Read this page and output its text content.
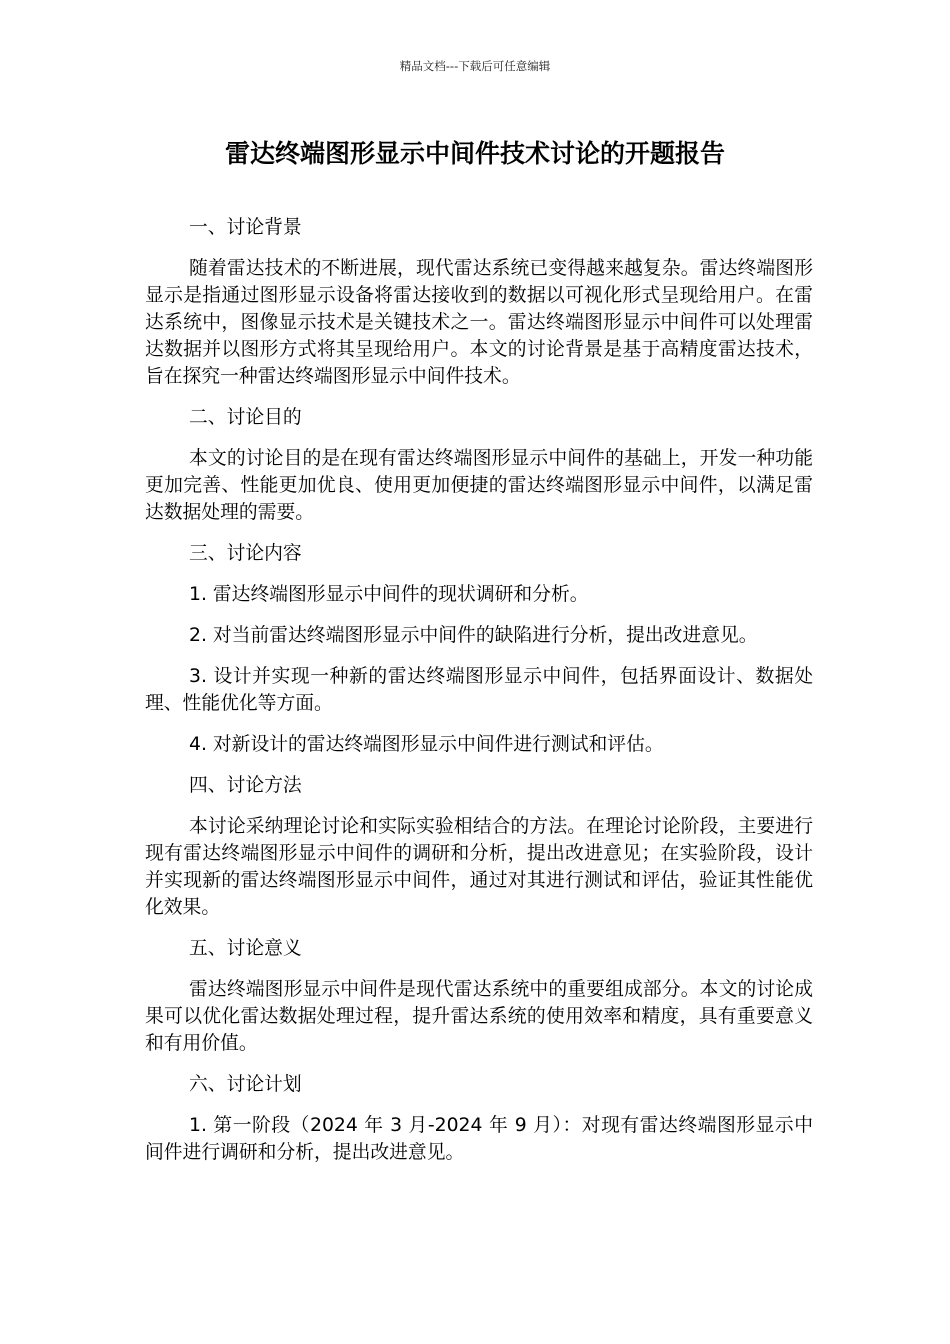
精品文档---下载后可任意编辑
雷达终端图形显示中间件技术讨论的开题报告

一、讨论背景

随着雷达技术的不断进展，现代雷达系统已变得越来越复杂。雷达终端图形显示是指通过图形显示设备将雷达接收到的数据以可视化形式呈现给用户。在雷达系统中，图像显示技术是关键技术之一。雷达终端图形显示中间件可以处理雷达数据并以图形方式将其呈现给用户。本文的讨论背景是基于高精度雷达技术，旨在探究一种雷达终端图形显示中间件技术。

二、讨论目的

本文的讨论目的是在现有雷达终端图形显示中间件的基础上，开发一种功能更加完善、性能更加优良、使用更加便捷的雷达终端图形显示中间件，以满足雷达数据处理的需要。

三、讨论内容

1. 雷达终端图形显示中间件的现状调研和分析。

2. 对当前雷达终端图形显示中间件的缺陷进行分析，提出改进意见。

3. 设计并实现一种新的雷达终端图形显示中间件，包括界面设计、数据处理、性能优化等方面。

4. 对新设计的雷达终端图形显示中间件进行测试和评估。

四、讨论方法

本讨论采纳理论讨论和实际实验相结合的方法。在理论讨论阶段，主要进行现有雷达终端图形显示中间件的调研和分析，提出改进意见；在实验阶段，设计并实现新的雷达终端图形显示中间件，通过对其进行测试和评估，验证其性能优化效果。

五、讨论意义

雷达终端图形显示中间件是现代雷达系统中的重要组成部分。本文的讨论成果可以优化雷达数据处理过程，提升雷达系统的使用效率和精度，具有重要意义和有用价值。

六、讨论计划

1. 第一阶段（2024 年 3 月-2024 年 9 月）：对现有雷达终端图形显示中间件进行调研和分析，提出改进意见。
